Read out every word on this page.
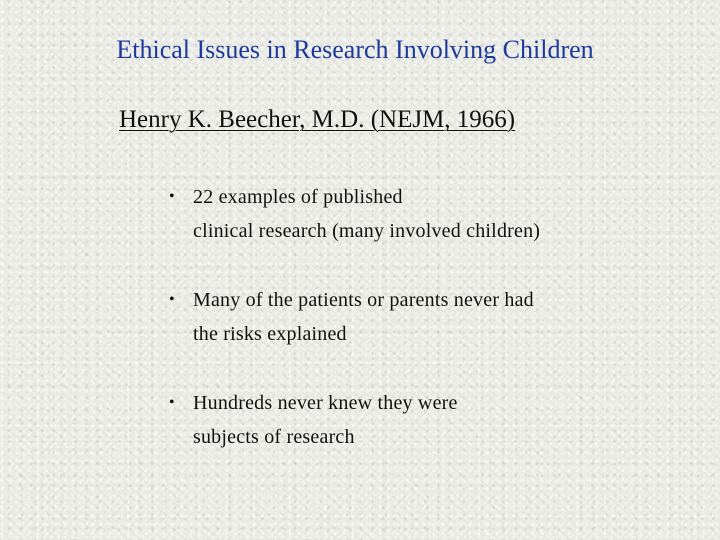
Ethical Issues in Research Involving Children

Henry K. Beecher, M.D. (NEJM, 1966)

• 22 examples of published
clinical research (many involved children)
• Many of the patients or parents never had
the risks explained
• Hundreds never knew they were
subjects of research
